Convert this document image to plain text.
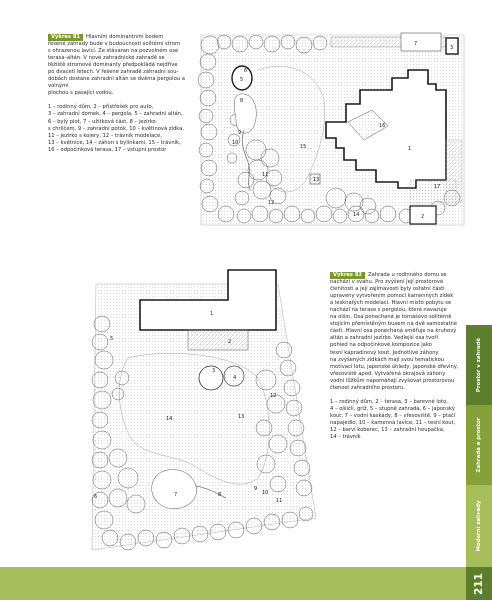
Výkres 81 Hlavním dominantním bodem
řešené zahrady bude v budoucnosti solitérní strom
s ohrazenou lavicí. Ze stávaran na pozvolném ose
terasa–altán. V nové zahradnické zahradě se
těžiště stromové dominanty předpokládá nejdříve
po dvaceti letech. V řešené zahradě zahradní sou-
dobách dostane zahradní altán se dvěma pergolou a volnými
plochou s pasající vodou.
1 – rodinný dům, 2 – přístřešek pro auto,
3 – zahradní domek, 4 – pergola, 5 – zahradní altán,
6 – bylý plot, 7 – užitková část, 8 – jezírko
s chrličem, 9 – zahradní potok, 10 – květinová zídka,
11 – jezírko s koiery, 12 – trávník modelace,
13 – květnice, 14 – záhon s bylinkami, 15 – trávník,
16 – odpočinková terasa, 17 – vstupní prostor	1
2
3
5
6
7
8
9
10
11
12
13
14
15
16
17
1
2
3
4
5
6	7	8
9
10
11
12
13
14
Výkres 82 Zahrada u rodinného domu se
nachází v svahu. Pro zvýšení její prostorové
členitosti a její zajímavosti byly ostatní části
upraveny vytvořením pomocí kamenných zídek
a lesknatých modelací. Hlavní místo pobytu se
nachází na terase s pergolou, které navazuje
na olšin. Osa ponechaná je tomášovo solitérně
stojícím přemístěným buxem na dvě samostatné
části. Hlavní osa ponechaná směřuje na kruhový
altán a zahradní jezírko. Vedlejší osa tvoří
pohled na odpočinkové kompozice jako
tesni kapradinový kout. Jednotlivé záhony
na zvýšených zídkách mají svou tematickou
motivaci lotu, japonské úhledy, japonské dřeviny,
vřesoviště apod. Vytvářená okrajová záhony
vodní lůžkům napomáhají zvyšovat prostorovou
čtenost zahradního prostoru.
1 – rodinný dům, 2 – terasa, 3 – barevné loto,
4 – olšičlí, griž, 5 – stupně zahrada, 6 – japonský
kout, 7 – vodní kaskády, 8 – vřesoviště, 9 – ptačí
napajedlo, 10 – kamenná lavice, 11 – tesní kout,
12 – barví koberec, 13 – zahradní houpačka,
14 – trávník
Prostor v zahradě
Zahrada a prostor
Moderní zahrady
211
